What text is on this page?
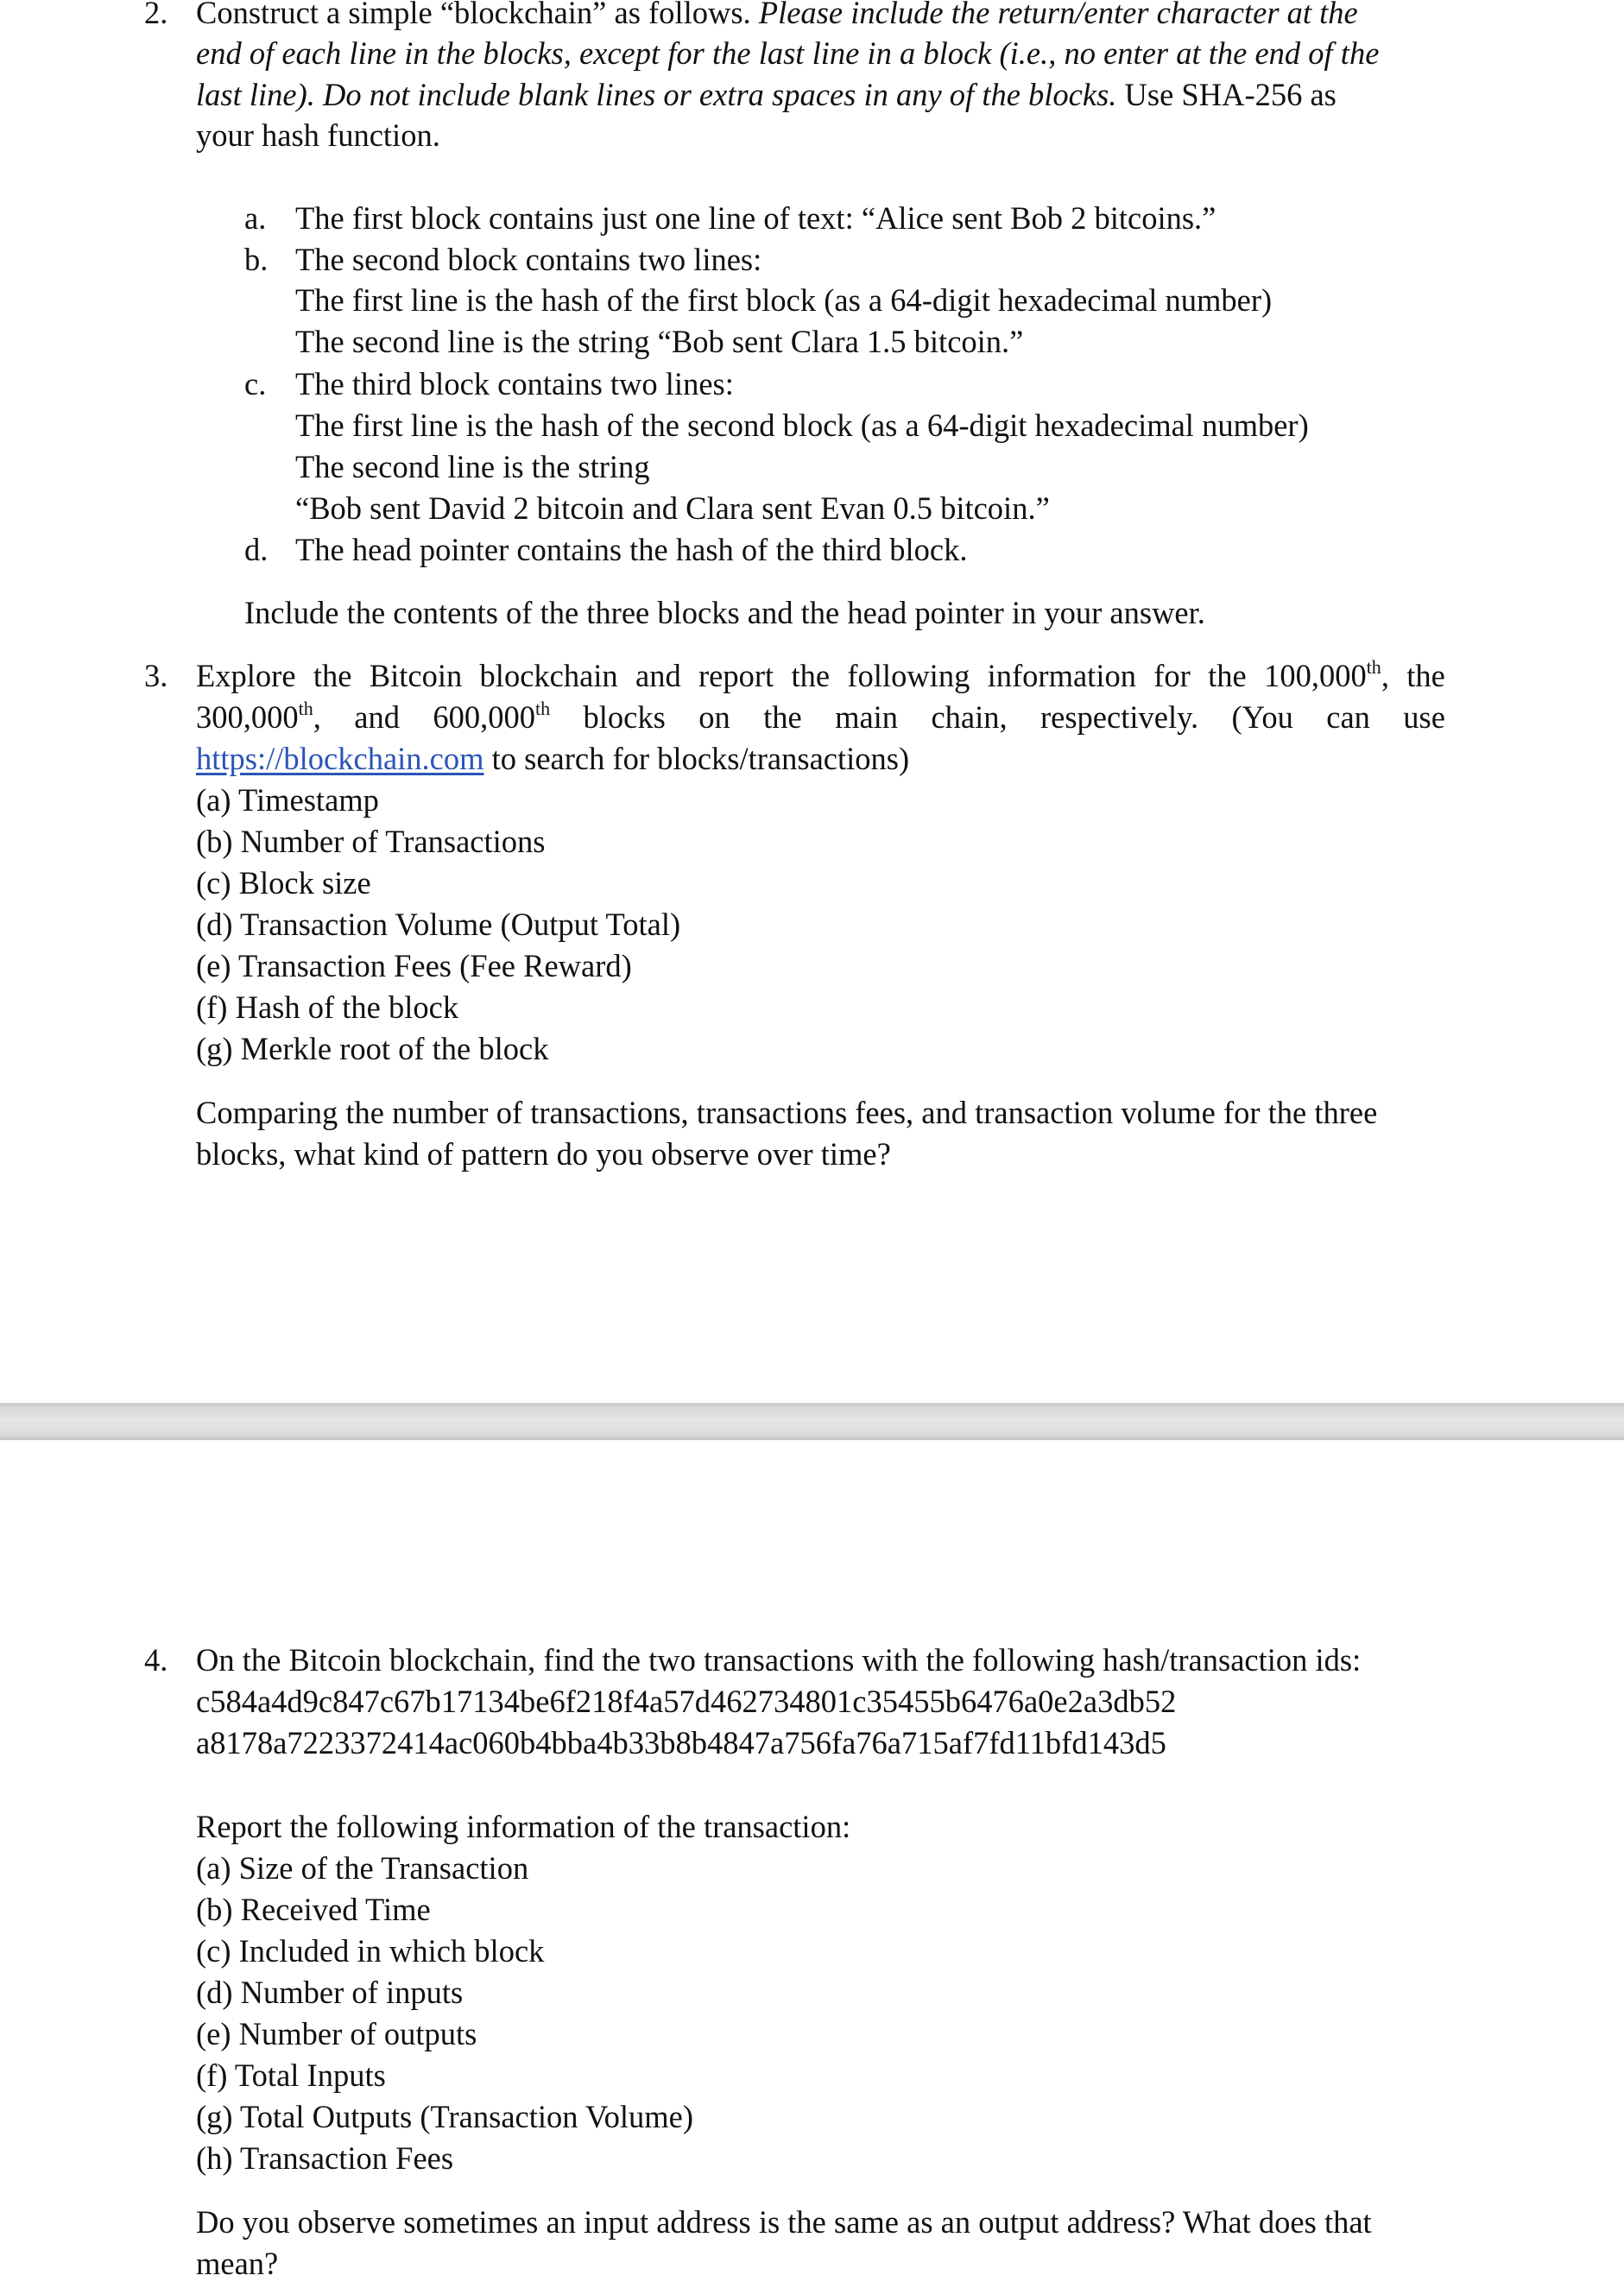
2. Construct a simple “blockchain” as follows. Please include the return/enter character at the
end of each line in the blocks, except for the last line in a block (i.e., no enter at the end of the
last line). Do not include blank lines or extra spaces in any of the blocks. Use SHA-256 as
your hash function.
a. The first block contains just one line of text: “Alice sent Bob 2 bitcoins.”
b. The second block contains two lines:
The first line is the hash of the first block (as a 64-digit hexadecimal number)
The second line is the string “Bob sent Clara 1.5 bitcoin.”
c. The third block contains two lines:
The first line is the hash of the second block (as a 64-digit hexadecimal number)
The second line is the string
“Bob sent David 2 bitcoin and Clara sent Evan 0.5 bitcoin.”
d. The head pointer contains the hash of the third block.
Include the contents of the three blocks and the head pointer in your answer.
3. Explore the Bitcoin blockchain and report the following information for the 100,000th, the
300,000th, and 600,000th blocks on the main chain, respectively. (You can use
https://blockchain.com to search for blocks/transactions)
(a) Timestamp
(b) Number of Transactions
(c) Block size
(d) Transaction Volume (Output Total)
(e) Transaction Fees (Fee Reward)
(f) Hash of the block
(g) Merkle root of the block
Comparing the number of transactions, transactions fees, and transaction volume for the three
blocks, what kind of pattern do you observe over time?
4. On the Bitcoin blockchain, find the two transactions with the following hash/transaction ids:
c584a4d9c847c67b17134be6f218f4a57d462734801c35455b6476a0e2a3db52
a8178a7223372414ac060b4bba4b33b8b4847a756fa76a715af7fd11bfd143d5
Report the following information of the transaction:
(a) Size of the Transaction
(b) Received Time
(c) Included in which block
(d) Number of inputs
(e) Number of outputs
(f) Total Inputs
(g) Total Outputs (Transaction Volume)
(h) Transaction Fees
Do you observe sometimes an input address is the same as an output address? What does that
mean?
